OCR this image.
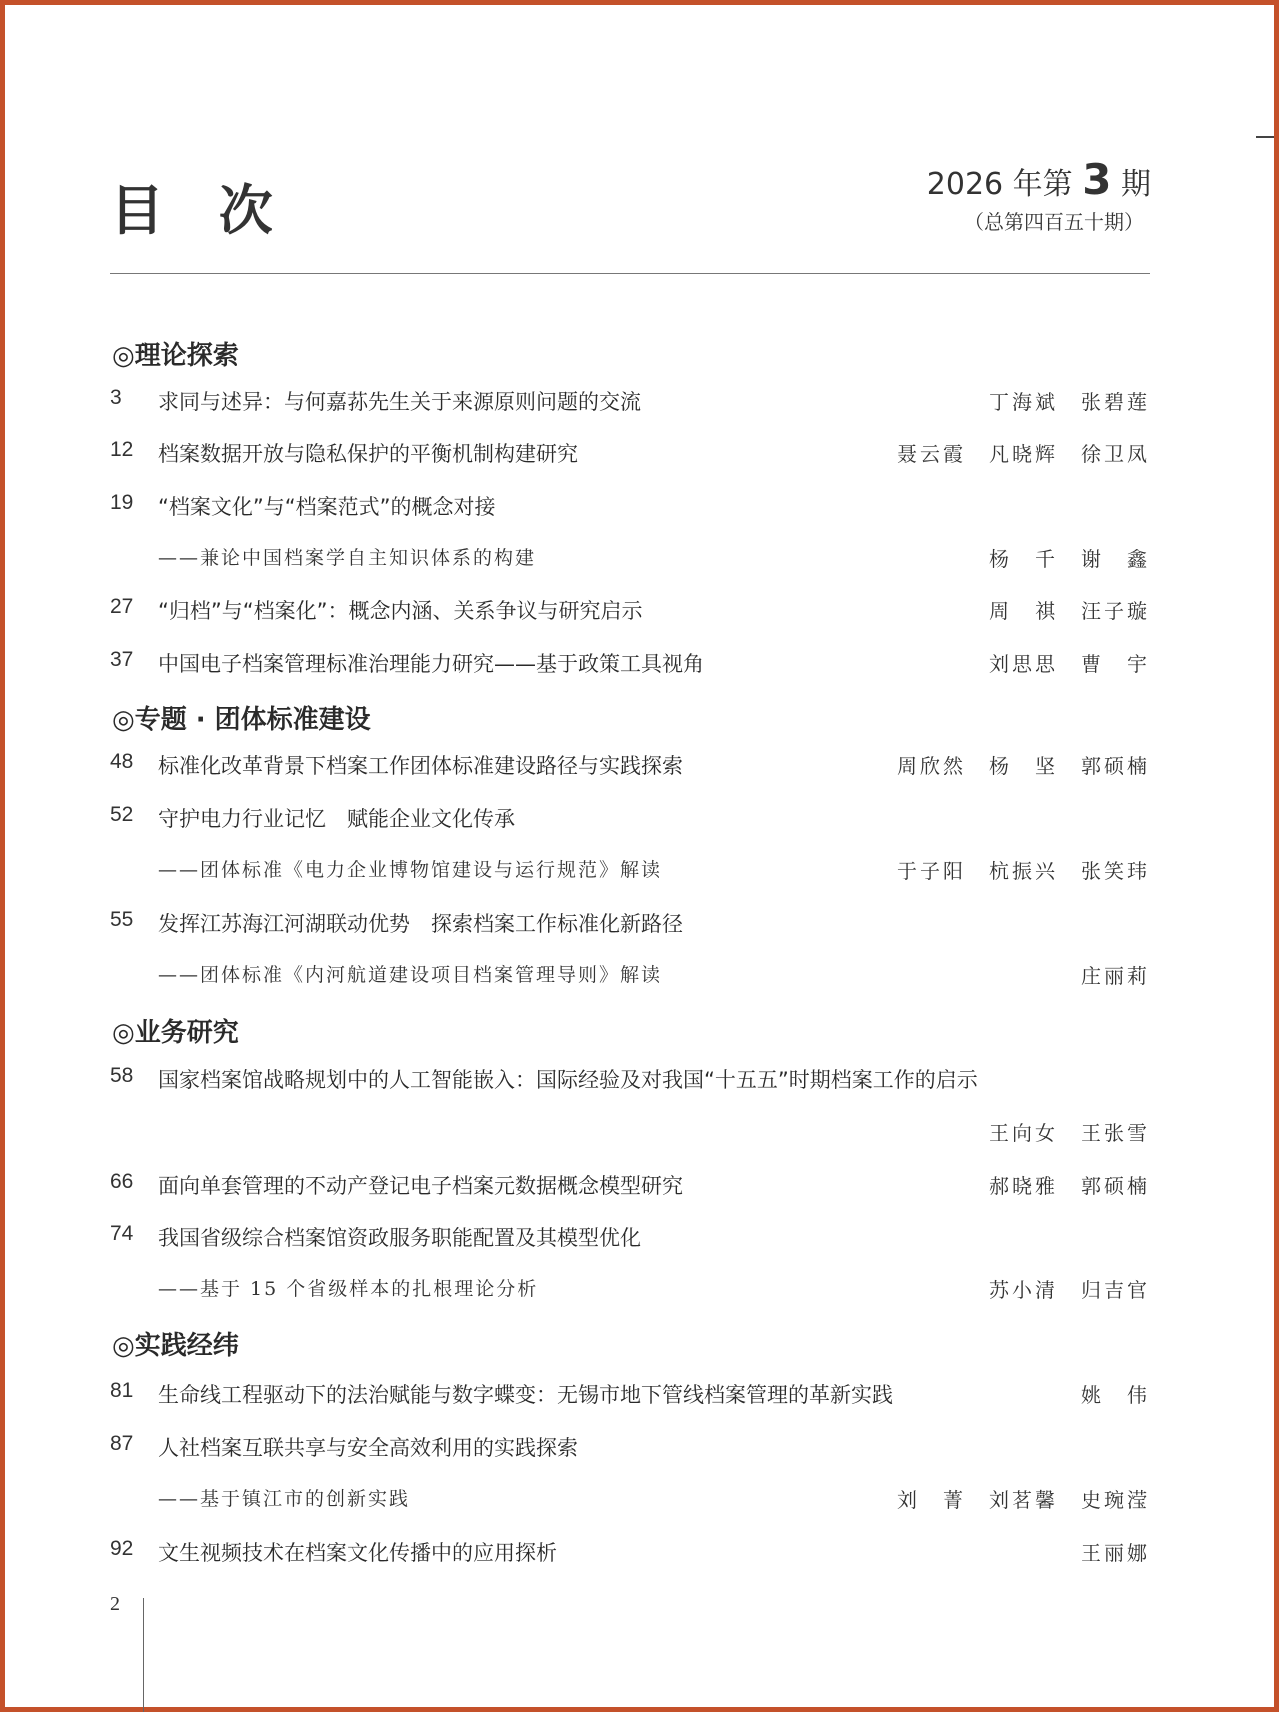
目 次	2026 年第 3 期
（总第四百五十期）
◎理论探索
3 求同与述异：与何嘉荪先生关于来源原则问题的交流	丁海斌　张碧莲
12 档案数据开放与隐私保护的平衡机制构建研究	聂云霞　凡晓辉　徐卫凤
19 “档案文化”与“档案范式”的概念对接
——兼论中国档案学自主知识体系的构建	杨　千　谢　鑫
27 “归档”与“档案化”：概念内涵、关系争议与研究启示	周　祺　汪子璇
37 中国电子档案管理标准治理能力研究——基于政策工具视角	刘思思　曹　宇
◎专题 · 团体标准建设
48 标准化改革背景下档案工作团体标准建设路径与实践探索	周欣然　杨　坚　郭硕楠
52 守护电力行业记忆　赋能企业文化传承
——团体标准《电力企业博物馆建设与运行规范》解读	于子阳　杭振兴　张笑玮
55 发挥江苏海江河湖联动优势　探索档案工作标准化新路径
——团体标准《内河航道建设项目档案管理导则》解读	庄丽莉
◎业务研究
58 国家档案馆战略规划中的人工智能嵌入：国际经验及对我国“十五五”时期档案工作的启示
王向女　王张雪
66 面向单套管理的不动产登记电子档案元数据概念模型研究	郝晓雅　郭硕楠
74 我国省级综合档案馆资政服务职能配置及其模型优化
——基于 15 个省级样本的扎根理论分析	苏小清　归吉官
◎实践经纬
81 生命线工程驱动下的法治赋能与数字蝶变：无锡市地下管线档案管理的革新实践	姚　伟
87 人社档案互联共享与安全高效利用的实践探索
——基于镇江市的创新实践	刘　菁　刘茗馨　史琬滢
92 文生视频技术在档案文化传播中的应用探析	王丽娜
2
